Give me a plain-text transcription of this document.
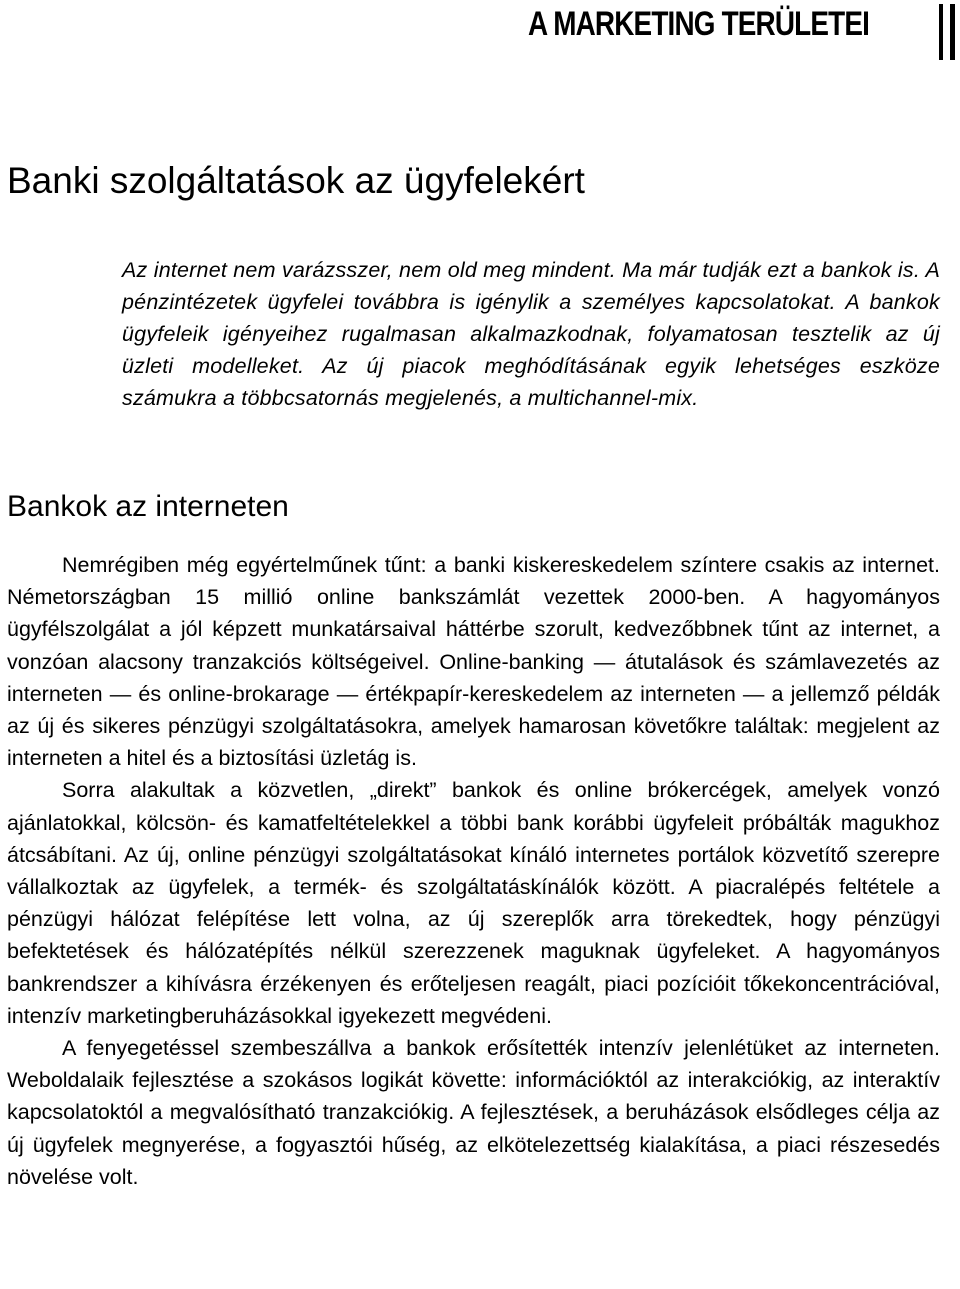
A MARKETING TERÜLETEI
Banki szolgáltatások az ügyfelekért

Az internet nem varázsszer, nem old meg mindent. Ma már tudják ezt a bankok is. A pénzintézetek ügyfelei továbbra is igénylik a személyes kapcsolatokat. A bankok ügyfeleik igényeihez rugalmasan alkalmazkodnak, folyamatosan tesztelik az új üzleti modelleket. Az új piacok meghódításának egyik lehetséges eszköze számukra a többcsatornás megjelenés, a multichannel-mix.

Bankok az interneten

Nemrégiben még egyértelműnek tűnt: a banki kiskereskedelem színtere csakis az internet. Németországban 15 millió online bankszámlát vezettek 2000-ben. A hagyományos ügyfélszolgálat a jól képzett munkatársaival háttérbe szorult, kedvezőbbnek tűnt az internet, a vonzóan alacsony tranzakciós költségeivel. Online-banking — átutalások és számlavezetés az interneten — és online-brokarage — értékpapír-kereskedelem az interneten — a jellemző példák az új és sikeres pénzügyi szolgáltatásokra, amelyek hamarosan követőkre találtak: megjelent az interneten a hitel és a biztosítási üzletág is.

Sorra alakultak a közvetlen, „direkt” bankok és online brókercégek, amelyek vonzó ajánlatokkal, kölcsön- és kamatfeltételekkel a többi bank korábbi ügyfeleit próbálták magukhoz átcsábítani. Az új, online pénzügyi szolgáltatásokat kínáló internetes portálok közvetítő szerepre vállalkoztak az ügyfelek, a termék- és szolgáltatáskínálók között. A piacralépés feltétele a pénzügyi hálózat felépítése lett volna, az új szereplők arra törekedtek, hogy pénzügyi befektetések és hálózatépítés nélkül szerezzenek maguknak ügyfeleket. A hagyományos bankrendszer a kihívásra érzékenyen és erőteljesen reagált, piaci pozícióit tőkekoncentrációval, intenzív marketingberuházásokkal igyekezett megvédeni.

A fenyegetéssel szembeszállva a bankok erősítették intenzív jelenlétüket az interneten. Weboldalaik fejlesztése a szokásos logikát követte: információktól az interakciókig, az interaktív kapcsolatoktól a megvalósítható tranzakciókig. A fejlesztések, a beruházások elsődleges célja az új ügyfelek megnyerése, a fogyasztói hűség, az elkötelezettség kialakítása, a piaci részesedés növelése volt.
